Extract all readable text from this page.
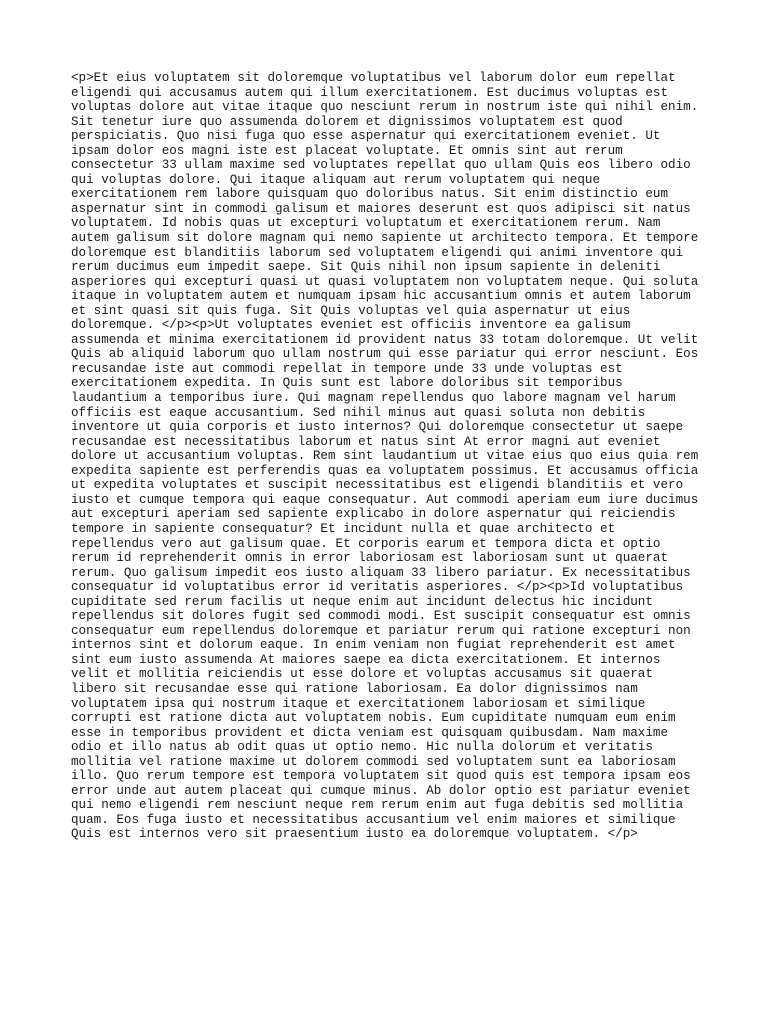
<p>Et eius voluptatem sit doloremque voluptatibus vel laborum dolor eum repellat
eligendi qui accusamus autem qui illum exercitationem. Est ducimus voluptas est
voluptas dolore aut vitae itaque quo nesciunt rerum in nostrum iste qui nihil enim.
Sit tenetur iure quo assumenda dolorem et dignissimos voluptatem est quod
perspiciatis. Quo nisi fuga quo esse aspernatur qui exercitationem eveniet. Ut
ipsam dolor eos magni iste est placeat voluptate. Et omnis sint aut rerum
consectetur 33 ullam maxime sed voluptates repellat quo ullam Quis eos libero odio
qui voluptas dolore. Qui itaque aliquam aut rerum voluptatem qui neque
exercitationem rem labore quisquam quo doloribus natus. Sit enim distinctio eum
aspernatur sint in commodi galisum et maiores deserunt est quos adipisci sit natus
voluptatem. Id nobis quas ut excepturi voluptatum et exercitationem rerum. Nam
autem galisum sit dolore magnam qui nemo sapiente ut architecto tempora. Et tempore
doloremque est blanditiis laborum sed voluptatem eligendi qui animi inventore qui
rerum ducimus eum impedit saepe. Sit Quis nihil non ipsum sapiente in deleniti
asperiores qui excepturi quasi ut quasi voluptatem non voluptatem neque. Qui soluta
itaque in voluptatem autem et numquam ipsam hic accusantium omnis et autem laborum
et sint quasi sit quis fuga. Sit Quis voluptas vel quia aspernatur ut eius
doloremque. </p><p>Ut voluptates eveniet est officiis inventore ea galisum
assumenda et minima exercitationem id provident natus 33 totam doloremque. Ut velit
Quis ab aliquid laborum quo ullam nostrum qui esse pariatur qui error nesciunt. Eos
recusandae iste aut commodi repellat in tempore unde 33 unde voluptas est
exercitationem expedita. In Quis sunt est labore doloribus sit temporibus
laudantium a temporibus iure. Qui magnam repellendus quo labore magnam vel harum
officiis est eaque accusantium. Sed nihil minus aut quasi soluta non debitis
inventore ut quia corporis et iusto internos? Qui doloremque consectetur ut saepe
recusandae est necessitatibus laborum et natus sint At error magni aut eveniet
dolore ut accusantium voluptas. Rem sint laudantium ut vitae eius quo eius quia rem
expedita sapiente est perferendis quas ea voluptatem possimus. Et accusamus officia
ut expedita voluptates et suscipit necessitatibus est eligendi blanditiis et vero
iusto et cumque tempora qui eaque consequatur. Aut commodi aperiam eum iure ducimus
aut excepturi aperiam sed sapiente explicabo in dolore aspernatur qui reiciendis
tempore in sapiente consequatur? Et incidunt nulla et quae architecto et
repellendus vero aut galisum quae. Et corporis earum et tempora dicta et optio
rerum id reprehenderit omnis in error laboriosam est laboriosam sunt ut quaerat
rerum. Quo galisum impedit eos iusto aliquam 33 libero pariatur. Ex necessitatibus
consequatur id voluptatibus error id veritatis asperiores. </p><p>Id voluptatibus
cupiditate sed rerum facilis ut neque enim aut incidunt delectus hic incidunt
repellendus sit dolores fugit sed commodi modi. Est suscipit consequatur est omnis
consequatur eum repellendus doloremque et pariatur rerum qui ratione excepturi non
internos sint et dolorum eaque. In enim veniam non fugiat reprehenderit est amet
sint eum iusto assumenda At maiores saepe ea dicta exercitationem. Et internos
velit et mollitia reiciendis ut esse dolore et voluptas accusamus sit quaerat
libero sit recusandae esse qui ratione laboriosam. Ea dolor dignissimos nam
voluptatem ipsa qui nostrum itaque et exercitationem laboriosam et similique
corrupti est ratione dicta aut voluptatem nobis. Eum cupiditate numquam eum enim
esse in temporibus provident et dicta veniam est quisquam quibusdam. Nam maxime
odio et illo natus ab odit quas ut optio nemo. Hic nulla dolorum et veritatis
mollitia vel ratione maxime ut dolorem commodi sed voluptatem sunt ea laboriosam
illo. Quo rerum tempore est tempora voluptatem sit quod quis est tempora ipsam eos
error unde aut autem placeat qui cumque minus. Ab dolor optio est pariatur eveniet
qui nemo eligendi rem nesciunt neque rem rerum enim aut fuga debitis sed mollitia
quam. Eos fuga iusto et necessitatibus accusantium vel enim maiores et similique
Quis est internos vero sit praesentium iusto ea doloremque voluptatem. </p>
